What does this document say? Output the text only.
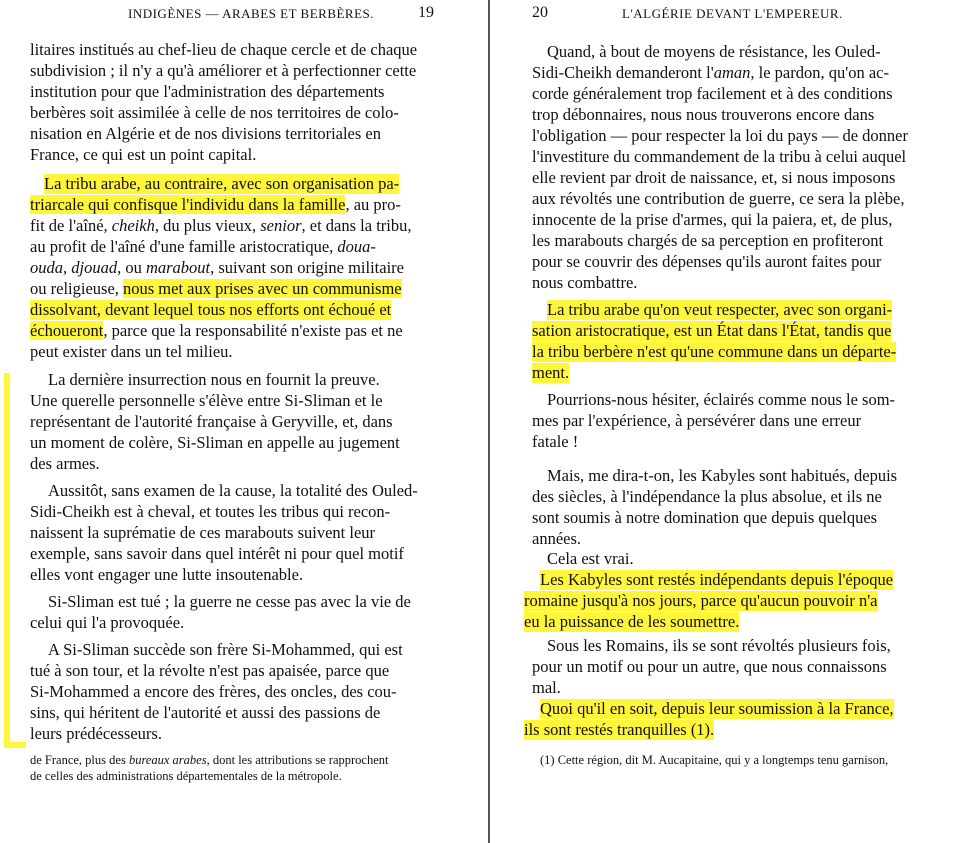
INDIGÈNES — ARABES ET BERBÈRES.	19
litaires institués au chef-lieu de chaque cercle et de chaque
subdivision ; il n'y a qu'à améliorer et à perfectionner cette
institution pour que l'administration des départements
berbères soit assimilée à celle de nos territoires de colo-
nisation en Algérie et de nos divisions territoriales en
France, ce qui est un point capital.
La tribu arabe, au contraire, avec son organisation pa-
triarcale qui confisque l'individu dans la famille, au pro-
fit de l'aîné, cheikh, du plus vieux, senior, et dans la tribu,
au profit de l'aîné d'une famille aristocratique, doua-
ouda, djouad, ou marabout, suivant son origine militaire
ou religieuse, nous met aux prises avec un communisme
dissolvant, devant lequel tous nos efforts ont échoué et
échoueront, parce que la responsabilité n'existe pas et ne
peut exister dans un tel milieu.
La dernière insurrection nous en fournit la preuve.
Une querelle personnelle s'élève entre Si-Sliman et le
représentant de l'autorité française à Geryville, et, dans
un moment de colère, Si-Sliman en appelle au jugement
des armes.
Aussitôt, sans examen de la cause, la totalité des Ouled-
Sidi-Cheikh est à cheval, et toutes les tribus qui recon-
naissent la suprématie de ces marabouts suivent leur
exemple, sans savoir dans quel intérêt ni pour quel motif
elles vont engager une lutte insoutenable.
Si-Sliman est tué ; la guerre ne cesse pas avec la vie de
celui qui l'a provoquée.
A Si-Sliman succède son frère Si-Mohammed, qui est
tué à son tour, et la révolte n'est pas apaisée, parce que
Si-Mohammed a encore des frères, des oncles, des cou-
sins, qui héritent de l'autorité et aussi des passions de
leurs prédécesseurs.
de France, plus des bureaux arabes, dont les attributions se rapprochent
de celles des administrations départementales de la métropole.
20	L'ALGÉRIE DEVANT L'EMPEREUR.
Quand, à bout de moyens de résistance, les Ouled-
Sidi-Cheikh demanderont l'aman, le pardon, qu'on ac-
corde généralement trop facilement et à des conditions
trop débonnaires, nous nous trouverons encore dans
l'obligation — pour respecter la loi du pays — de donner
l'investiture du commandement de la tribu à celui auquel
elle revient par droit de naissance, et, si nous imposons
aux révoltés une contribution de guerre, ce sera la plèbe,
innocente de la prise d'armes, qui la paiera, et, de plus,
les marabouts chargés de sa perception en profiteront
pour se couvrir des dépenses qu'ils auront faites pour
nous combattre.
La tribu arabe qu'on veut respecter, avec son organi-
sation aristocratique, est un État dans l'État, tandis que
la tribu berbère n'est qu'une commune dans un départe-
ment.
Pourrions-nous hésiter, éclairés comme nous le som-
mes par l'expérience, à persévérer dans une erreur
fatale !
Mais, me dira-t-on, les Kabyles sont habitués, depuis
des siècles, à l'indépendance la plus absolue, et ils ne
sont soumis à notre domination que depuis quelques
années.
Cela est vrai.
Les Kabyles sont restés indépendants depuis l'époque
romaine jusqu'à nos jours, parce qu'aucun pouvoir n'a
eu la puissance de les soumettre.
Sous les Romains, ils se sont révoltés plusieurs fois,
pour un motif ou pour un autre, que nous connaissons
mal.
Quoi qu'il en soit, depuis leur soumission à la France,
ils sont restés tranquilles (1).
(1) Cette région, dit M. Aucapitaine, qui y a longtemps tenu garnison,
